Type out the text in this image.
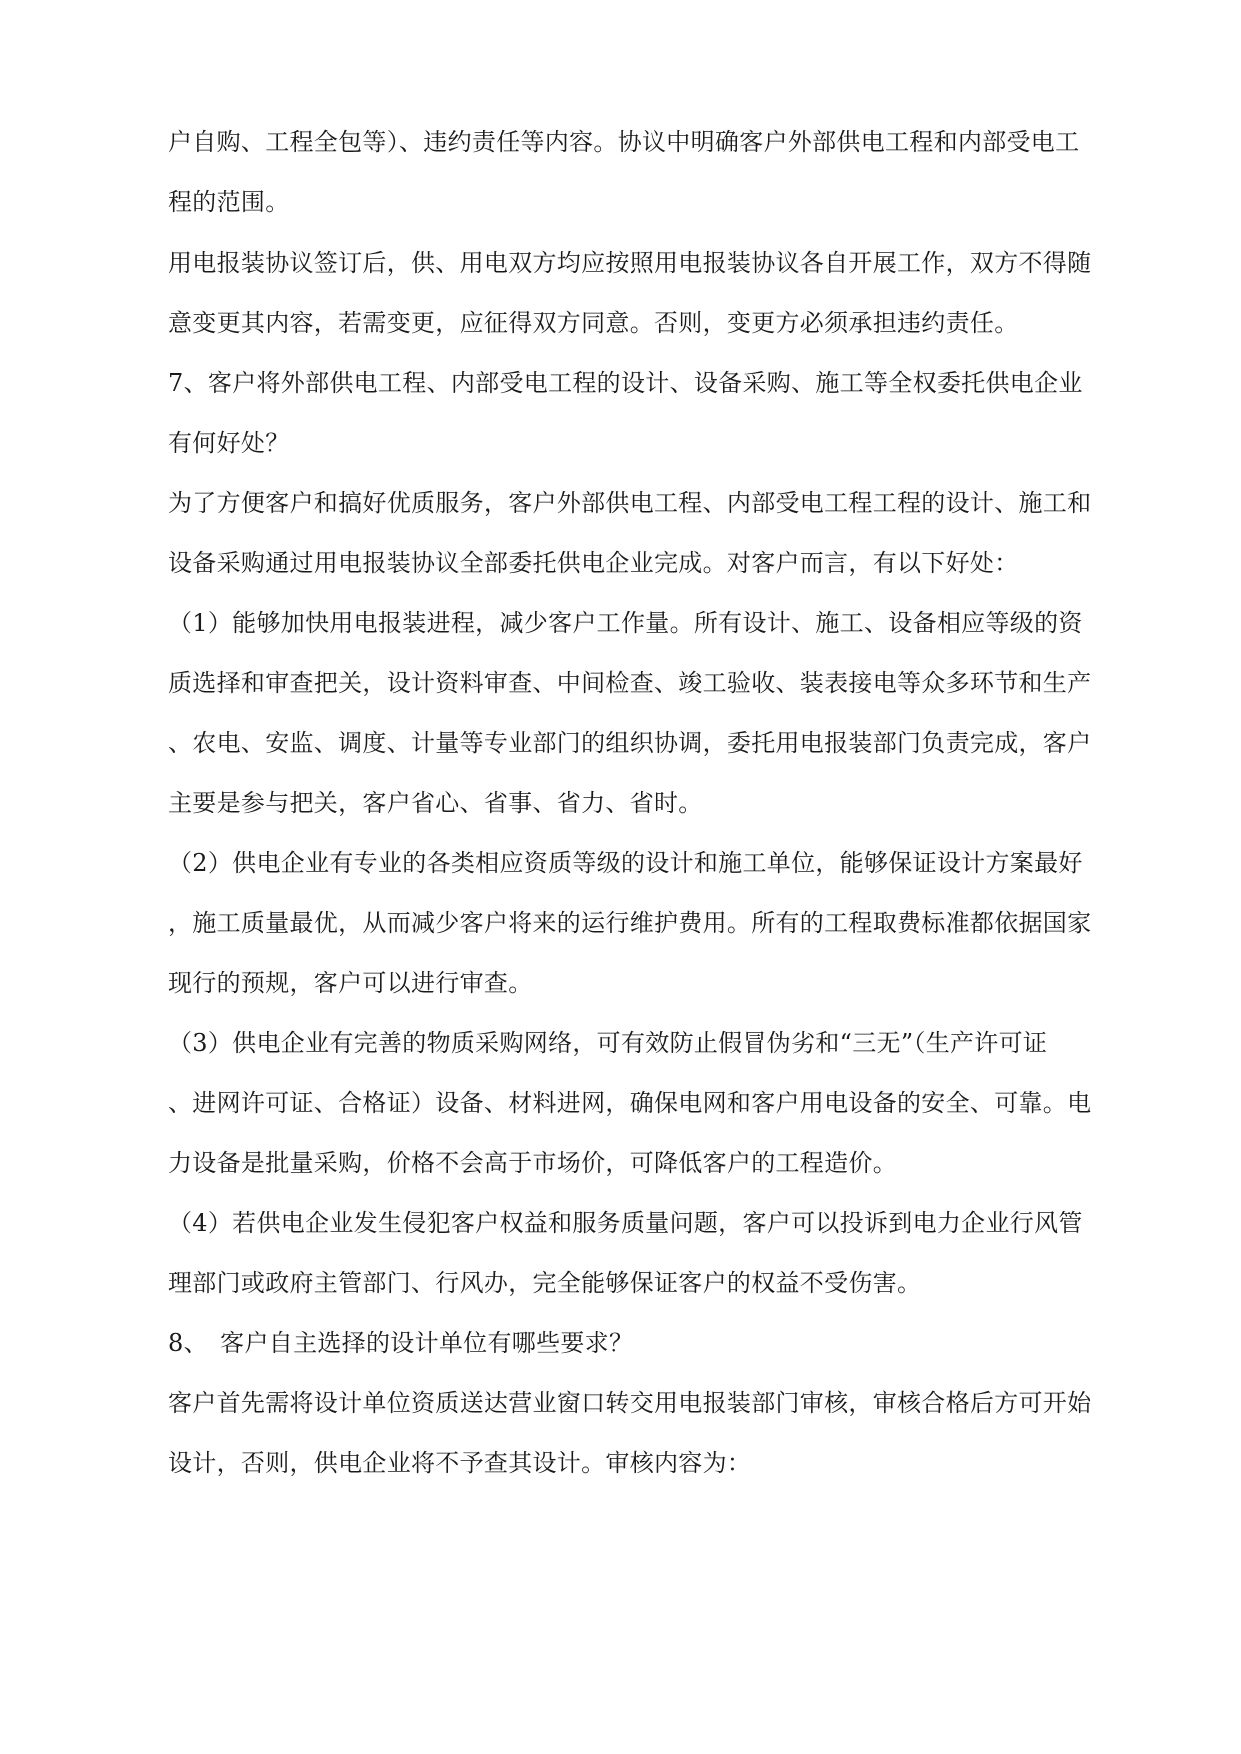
户自购、工程全包等）、违约责任等内容。协议中明确客户外部供电工程和内部受电工
程的范围。
用电报装协议签订后，供、用电双方均应按照用电报装协议各自开展工作，双方不得随
意变更其内容，若需变更，应征得双方同意。否则，变更方必须承担违约责任。
7、客户将外部供电工程、内部受电工程的设计、设备采购、施工等全权委托供电企业
有何好处？
为了方便客户和搞好优质服务，客户外部供电工程、内部受电工程工程的设计、施工和
设备采购通过用电报装协议全部委托供电企业完成。对客户而言，有以下好处：
（1）能够加快用电报装进程，减少客户工作量。所有设计、施工、设备相应等级的资
质选择和审查把关，设计资料审查、中间检查、竣工验收、装表接电等众多环节和生产
、农电、安监、调度、计量等专业部门的组织协调，委托用电报装部门负责完成，客户
主要是参与把关，客户省心、省事、省力、省时。
（2）供电企业有专业的各类相应资质等级的设计和施工单位，能够保证设计方案最好
，施工质量最优，从而减少客户将来的运行维护费用。所有的工程取费标准都依据国家
现行的预规，客户可以进行审查。
（3）供电企业有完善的物质采购网络，可有效防止假冒伪劣和“三无”（生产许可证
、进网许可证、合格证）设备、材料进网，确保电网和客户用电设备的安全、可靠。电
力设备是批量采购，价格不会高于市场价，可降低客户的工程造价。
（4）若供电企业发生侵犯客户权益和服务质量问题，客户可以投诉到电力企业行风管
理部门或政府主管部门、行风办，完全能够保证客户的权益不受伤害。
8、　客户自主选择的设计单位有哪些要求？
客户首先需将设计单位资质送达营业窗口转交用电报装部门审核，审核合格后方可开始
设计，否则，供电企业将不予查其设计。审核内容为：
